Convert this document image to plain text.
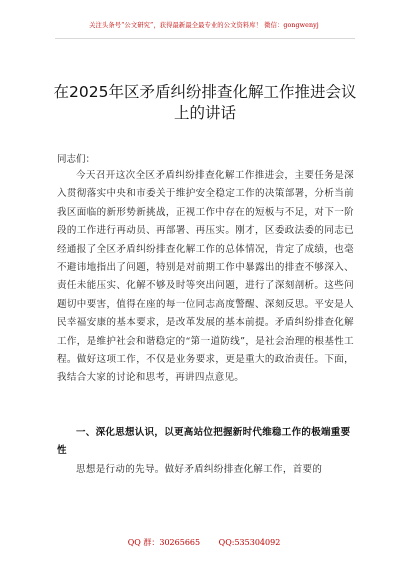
关注头条号“公文研究”，获得最新最全最专业的公文资料库！ 微信：gongwenyj
在2025年区矛盾纠纷排查化解工作推进会议上的讲话
同志们：

今天召开这次全区矛盾纠纷排查化解工作推进会，主要任务是深入贯彻落实中央和市委关于维护安全稳定工作的决策部署，分析当前我区面临的新形势新挑战，正视工作中存在的短板与不足，对下一阶段的工作进行再动员、再部署、再压实。刚才，区委政法委的同志已经通报了全区矛盾纠纷排查化解工作的总体情况，肯定了成绩，也毫不避讳地指出了问题，特别是对前期工作中暴露出的排查不够深入、责任未能压实、化解不够及时等突出问题，进行了深刻剖析。这些问题切中要害，值得在座的每一位同志高度警醒、深刻反思。平安是人民幸福安康的基本要求，是改革发展的基本前提。矛盾纠纷排查化解工作，是维护社会和谐稳定的“第一道防线”，是社会治理的根基性工程。做好这项工作，不仅是业务要求，更是重大的政治责任。下面，我结合大家的讨论和思考，再讲四点意见。

一、深化思想认识，以更高站位把握新时代维稳工作的极端重要性

思想是行动的先导。做好矛盾纠纷排查化解工作，首要的

QQ 群：30265665 QQ:535304092
